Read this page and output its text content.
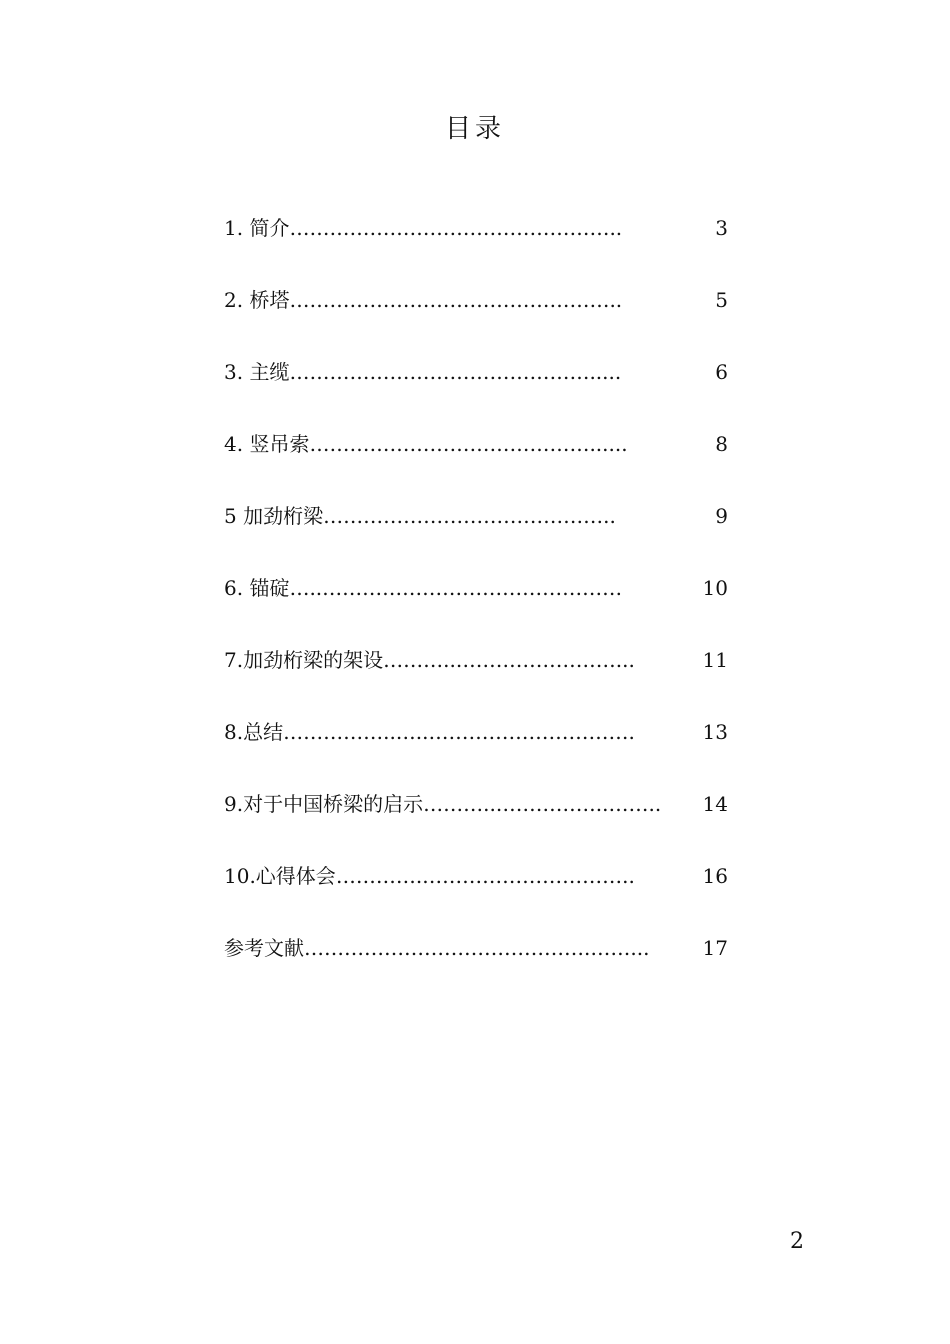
目录
1. 简介 …………………………………………..	3
2. 桥塔 …………………………………………..	5
3. 主缆 ……………………………………….....	6
4. 竖吊索 ……………………………………......	8
5 加劲桁梁 ……………………………………..	9
6. 锚碇 …..………………………………………	10
7.加劲桁梁的架设 ………..……………………...	11
8.总结 ……………..…..………………………….	13
9.对于中国桥梁的启示 ………..……………..……..	14
10.心得体会 ………….…………………………..	16
参考文献 …………………………………….……...	17
2
